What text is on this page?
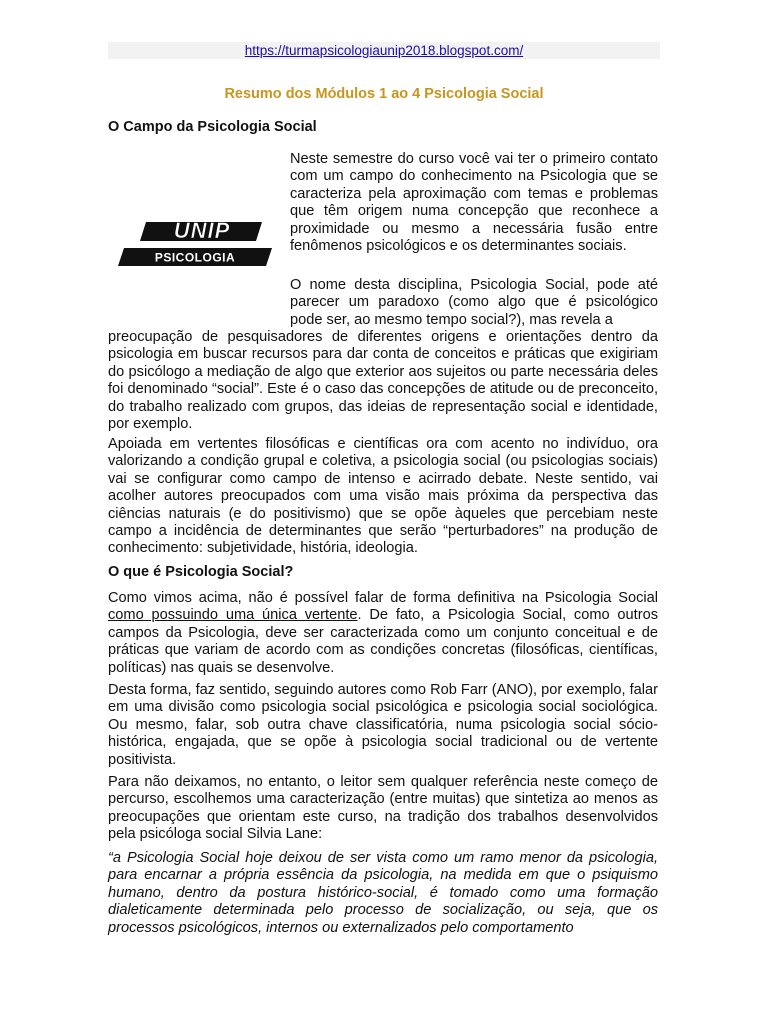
https://turmapsicologiaunip2018.blogspot.com/
Resumo dos Módulos 1 ao 4 Psicologia Social
O Campo da Psicologia Social
UNIP
PSICOLOGIA

Neste semestre do curso você vai ter o primeiro contato com um campo do conhecimento na Psicologia que se caracteriza pela aproximação com temas e problemas que têm origem numa concepção que reconhece a proximidade ou mesmo a necessária fusão entre fenômenos psicológicos e os determinantes sociais.

O nome desta disciplina, Psicologia Social, pode até parecer um paradoxo (como algo que é psicológico pode ser, ao mesmo tempo social?), mas revela a

preocupação de pesquisadores de diferentes origens e orientações dentro da psicologia em buscar recursos para dar conta de conceitos e práticas que exigiriam do psicólogo a mediação de algo que exterior aos sujeitos ou parte necessária deles foi denominado “social”. Este é o caso das concepções de atitude ou de preconceito, do trabalho realizado com grupos, das ideias de representação social e identidade, por exemplo.

Apoiada em vertentes filosóficas e científicas ora com acento no indivíduo, ora valorizando a condição grupal e coletiva, a psicologia social (ou psicologias sociais) vai se configurar como campo de intenso e acirrado debate. Neste sentido, vai acolher autores preocupados com uma visão mais próxima da perspectiva das ciências naturais (e do positivismo) que se opõe àqueles que percebiam neste campo a incidência de determinantes que serão “perturbadores” na produção de conhecimento: subjetividade, história, ideologia.

O que é Psicologia Social?

Como vimos acima, não é possível falar de forma definitiva na Psicologia Social como possuindo uma única vertente. De fato, a Psicologia Social, como outros campos da Psicologia, deve ser caracterizada como um conjunto conceitual e de práticas que variam de acordo com as condições concretas (filosóficas, científicas, políticas) nas quais se desenvolve.

Desta forma, faz sentido, seguindo autores como Rob Farr (ANO), por exemplo, falar em uma divisão como psicologia social psicológica e psicologia social sociológica. Ou mesmo, falar, sob outra chave classificatória, numa psicologia social sócio-histórica, engajada, que se opõe à psicologia social tradicional ou de vertente positivista.

Para não deixamos, no entanto, o leitor sem qualquer referência neste começo de percurso, escolhemos uma caracterização (entre muitas) que sintetiza ao menos as preocupações que orientam este curso, na tradição dos trabalhos desenvolvidos pela psicóloga social Silvia Lane:

“a Psicologia Social hoje deixou de ser vista como um ramo menor da psicologia, para encarnar a própria essência da psicologia, na medida em que o psiquismo humano, dentro da postura histórico-social, é tomado como uma formação dialeticamente determinada pelo processo de socialização, ou seja, que os processos psicológicos, internos ou externalizados pelo comportamento
